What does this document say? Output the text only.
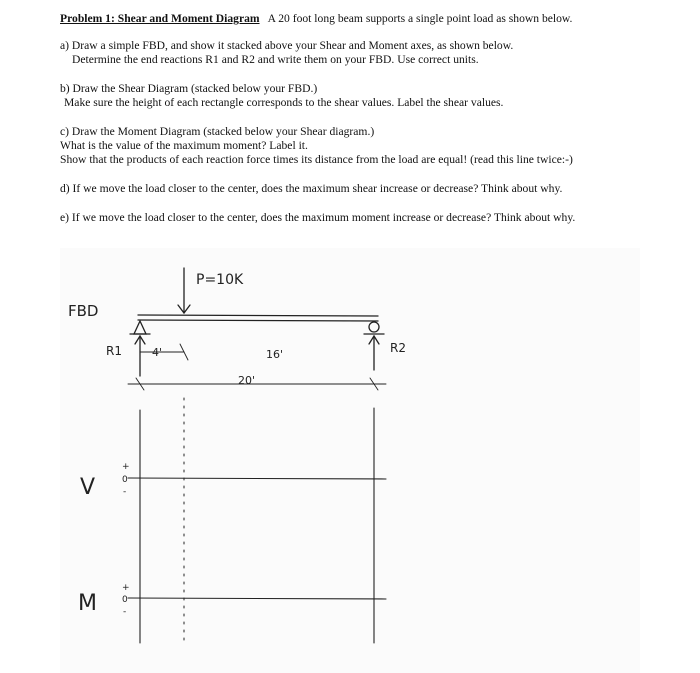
Problem 1: Shear and Moment Diagram A 20 foot long beam supports a single point load as shown below.

a) Draw a simple FBD, and show it stacked above your Shear and Moment axes, as shown below.

Determine the end reactions R1 and R2 and write them on your FBD. Use correct units.

b) Draw the Shear Diagram (stacked below your FBD.)

Make sure the height of each rectangle corresponds to the shear values. Label the shear values.

c) Draw the Moment Diagram (stacked below your Shear diagram.)

What is the value of the maximum moment? Label it.

Show that the products of each reaction force times its distance from the load are equal! (read this line twice:-)

d) If we move the load closer to the center, does the maximum shear increase or decrease? Think about why.

e) If we move the load closer to the center, does the maximum moment increase or decrease? Think about why.

P=10K
FBD
R1	R2
4'	16'
20'
V
+
0
-
M
+
0
-
